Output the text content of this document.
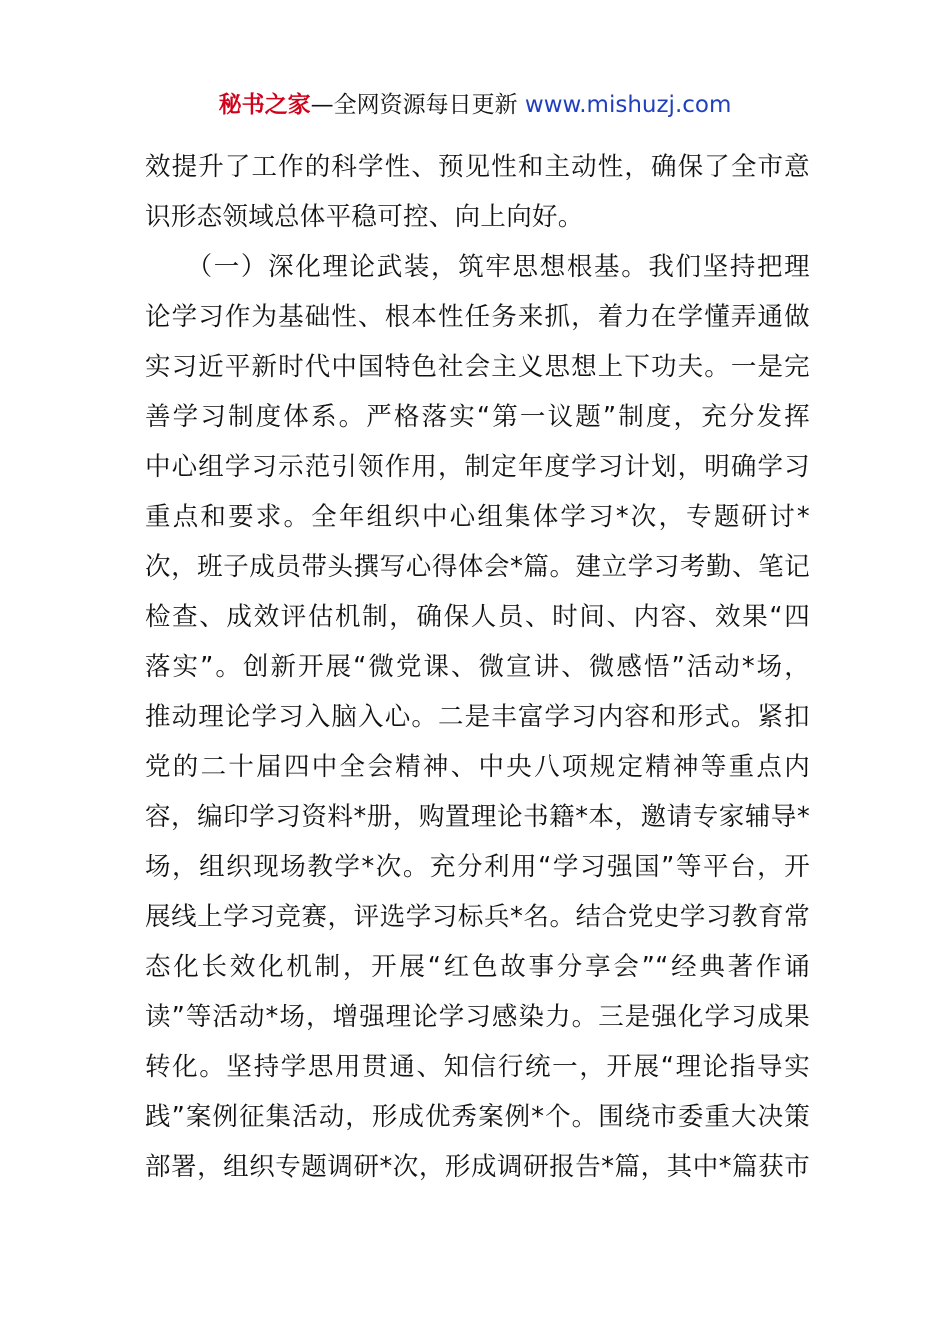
秘书之家—全网资源每日更新 www.mishuzj.com
效提升了工作的科学性、预见性和主动性，确保了全市意
识形态领域总体平稳可控、向上向好。
　　（一）深化理论武装，筑牢思想根基。我们坚持把理
论学习作为基础性、根本性任务来抓，着力在学懂弄通做
实习近平新时代中国特色社会主义思想上下功夫。一是完
善学习制度体系。严格落实“第一议题”制度，充分发挥
中心组学习示范引领作用，制定年度学习计划，明确学习
重点和要求。全年组织中心组集体学习*次，专题研讨*
次，班子成员带头撰写心得体会*篇。建立学习考勤、笔记
检查、成效评估机制，确保人员、时间、内容、效果“四
落实”。创新开展“微党课、微宣讲、微感悟”活动*场，
推动理论学习入脑入心。二是丰富学习内容和形式。紧扣
党的二十届四中全会精神、中央八项规定精神等重点内
容，编印学习资料*册，购置理论书籍*本，邀请专家辅导*
场，组织现场教学*次。充分利用“学习强国”等平台，开
展线上学习竞赛，评选学习标兵*名。结合党史学习教育常
态化长效化机制，开展“红色故事分享会”“经典著作诵
读”等活动*场，增强理论学习感染力。三是强化学习成果
转化。坚持学思用贯通、知信行统一，开展“理论指导实
践”案例征集活动，形成优秀案例*个。围绕市委重大决策
部署，组织专题调研*次，形成调研报告*篇，其中*篇获市
